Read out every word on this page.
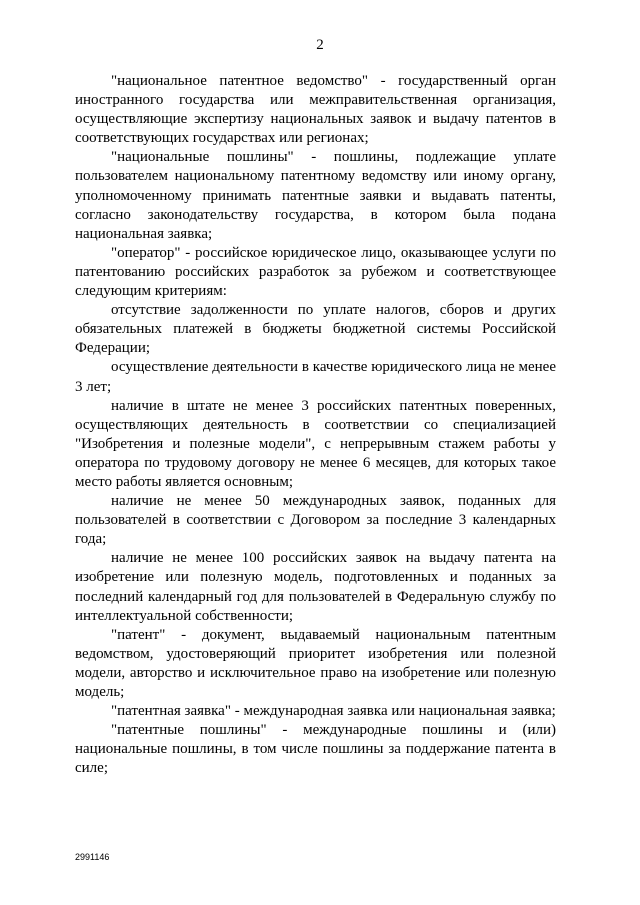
2

"национальное патентное ведомство" - государственный орган иностранного государства или межправительственная организация, осуществляющие экспертизу национальных заявок и выдачу патентов в соответствующих государствах или регионах;

"национальные пошлины" - пошлины, подлежащие уплате пользователем национальному патентному ведомству или иному органу, уполномоченному принимать патентные заявки и выдавать патенты, согласно законодательству государства, в котором была подана национальная заявка;

"оператор" - российское юридическое лицо, оказывающее услуги по патентованию российских разработок за рубежом и соответствующее следующим критериям:

отсутствие задолженности по уплате налогов, сборов и других обязательных платежей в бюджеты бюджетной системы Российской Федерации;

осуществление деятельности в качестве юридического лица не менее 3 лет;

наличие в штате не менее 3 российских патентных поверенных, осуществляющих деятельность в соответствии со специализацией "Изобретения и полезные модели", с непрерывным стажем работы у оператора по трудовому договору не менее 6 месяцев, для которых такое место работы является основным;

наличие не менее 50 международных заявок, поданных для пользователей в соответствии с Договором за последние 3 календарных года;

наличие не менее 100 российских заявок на выдачу патента на изобретение или полезную модель, подготовленных и поданных за последний календарный год для пользователей в Федеральную службу по интеллектуальной собственности;

"патент" - документ, выдаваемый национальным патентным ведомством, удостоверяющий приоритет изобретения или полезной модели, авторство и исключительное право на изобретение или полезную модель;

"патентная заявка" - международная заявка или национальная заявка;

"патентные пошлины" - международные пошлины и (или) национальные пошлины, в том числе пошлины за поддержание патента в силе;

2991146
